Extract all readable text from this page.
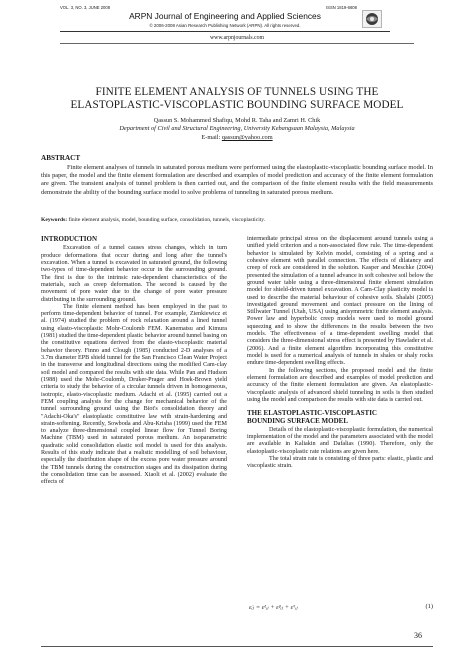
VOL. 3, NO. 3, JUNE 2008	ISSN 1819-6608
ARPN Journal of Engineering and Applied Sciences
© 2006-2008 Asian Research Publishing Network (ARPN). All rights reserved.
www.arpnjournals.com
FINITE ELEMENT ANALYSIS OF TUNNELS USING THE
ELASTOPLASTIC-VISCOPLASTIC BOUNDING SURFACE MODEL
Qassun S. Mohammed Shafiqu, Mohd R. Taha and Zamri H. Chik
Department of Civil and Structural Engineering, University Kebangsaan Malaysia, Malaysia
E-mail: qassun@yahoo.com
ABSTRACT
Finite element analyses of tunnels in saturated porous medium were performed using the elastoplastic-viscoplastic bounding surface model. In this paper, the model and the finite element formulation are described and examples of model prediction and accuracy of the finite element formulation are given. The transient analysis of tunnel problem is then carried out, and the comparison of the finite element results with the field measurements demonstrate the ability of the bounding surface model to solve problems of tunneling in saturated porous medium.
Keywords: finite element analysis, model, bounding surface, consolidation, tunnels, viscoplasticity.
INTRODUCTION

Excavation of a tunnel causes stress changes, which in turn produce deformations that occur during and long after the tunnel's excavation. When a tunnel is excavated in saturated ground, the following two-types of time-dependent behavior occur in the surrounding ground. The first is due to the intrinsic rate-dependent characteristics of the materials, such as creep deformation. The second is caused by the movement of pore water due to the change of pore water pressure distributing in the surrounding ground.

The finite element method has been employed in the past to perform time-dependent behavior of tunnel. For example, Zienkiewicz et al. (1974) studied the problem of rock relaxation around a lined tunnel using elasto-viscoplastic Mohr-Coulomb FEM. Kanematsu and Kimura (1981) studied the time-dependent plastic behavior around tunnel basing on the constitutive equations derived from the elasto-viscoplastic material behavior theory. Finno and Clough (1985) conducted 2-D analyses of a 3.7m diameter EPB shield tunnel for the San Francisco Clean Water Project in the transverse and longitudinal directions using the modified Cam-clay soil model and compared the results with site data. While Pan and Hudson (1988) used the Mohr-Coulomb, Druker-Prager and Hoek-Brown yield criteria to study the behavior of a circular tunnels driven in homogeneous, isotropic, elasto-viscoplastic medium. Adachi et al. (1995) carried out a FEM coupling analysis for the change for mechanical behavior of the tunnel surrounding ground using the Biot's consolidation theory and "Adachi-Oka's" elastoplastic constitutive law with strain-hardening and strain-softening. Recently, Sowboda and Abu-Krisha (1999) used the FEM to analyze three-dimensional coupled linear flow for Tunnel Boring Machine (TBM) used in saturated porous medium. An isoparametric quadratic solid consolidation elastic soil model is used for this analysis. Results of this study indicate that a realistic modelling of soil behaviour, especially the distribution shape of the excess pore water pressure around the TBM tunnels during the construction stages and its dissipation during the consolidation time can be assessed. Xiaoli et al. (2002) evaluate the effects of

intermediate principal stress on the displacement around tunnels using a unified yield criterion and a non-associated flow rule. The time-dependent behavior is simulated by Kelvin model, consisting of a spring and a cohesive element with parallel connection. The effects of dilatancy and creep of rock are considered in the solution. Kasper and Meschke (2004) presented the simulation of a tunnel advance in soft cohesive soil below the ground water table using a three-dimensional finite element simulation model for shield-driven tunnel excavation. A Cam-Clay plasticity model is used to describe the material behaviour of cohesive soils. Shalabi (2005) investigated ground movement and contact pressure on the lining of Stillwater Tunnel (Utah, USA) using anisymmetric finite element analysis. Power law and hyperbolic creep models were used to model ground squeezing and to show the differences in the results between the two models. The effectiveness of a time-dependent swelling model that considers the three-dimensional stress effect is presented by Hawlader et al. (2006). And a finite element algorithm incorporating this constitutive model is used for a numerical analysis of tunnels in shales or shaly rocks endure time-dependent swelling effects.

In the following sections, the proposed model and the finite element formulation are described and examples of model prediction and accuracy of the finite element formulation are given. An elastoplastic-viscoplastic analysis of advanced shield tunneling in soils is then studied using the model and comparison the results with site data is carried out.

THE ELASTOPLASTIC-VISCOPLASTIC
BOUNDING SURFACE MODEL

Details of the elastoplastic-viscoplastic formulation, the numerical implementation of the model and the parameters associated with the model are available in Kaliakin and Dafalias (1990). Therefore, only the elastoplastic-viscoplastic rate relations are given here.

The total strain rate is consisting of three parts: elastic, plastic and viscoplastic strain.

ε̇ᵢⱼ = ε̇ᵉᵢⱼ + ε̇ᵖᵢⱼ + ε̇ᵛᵢⱼ	(1)
36
